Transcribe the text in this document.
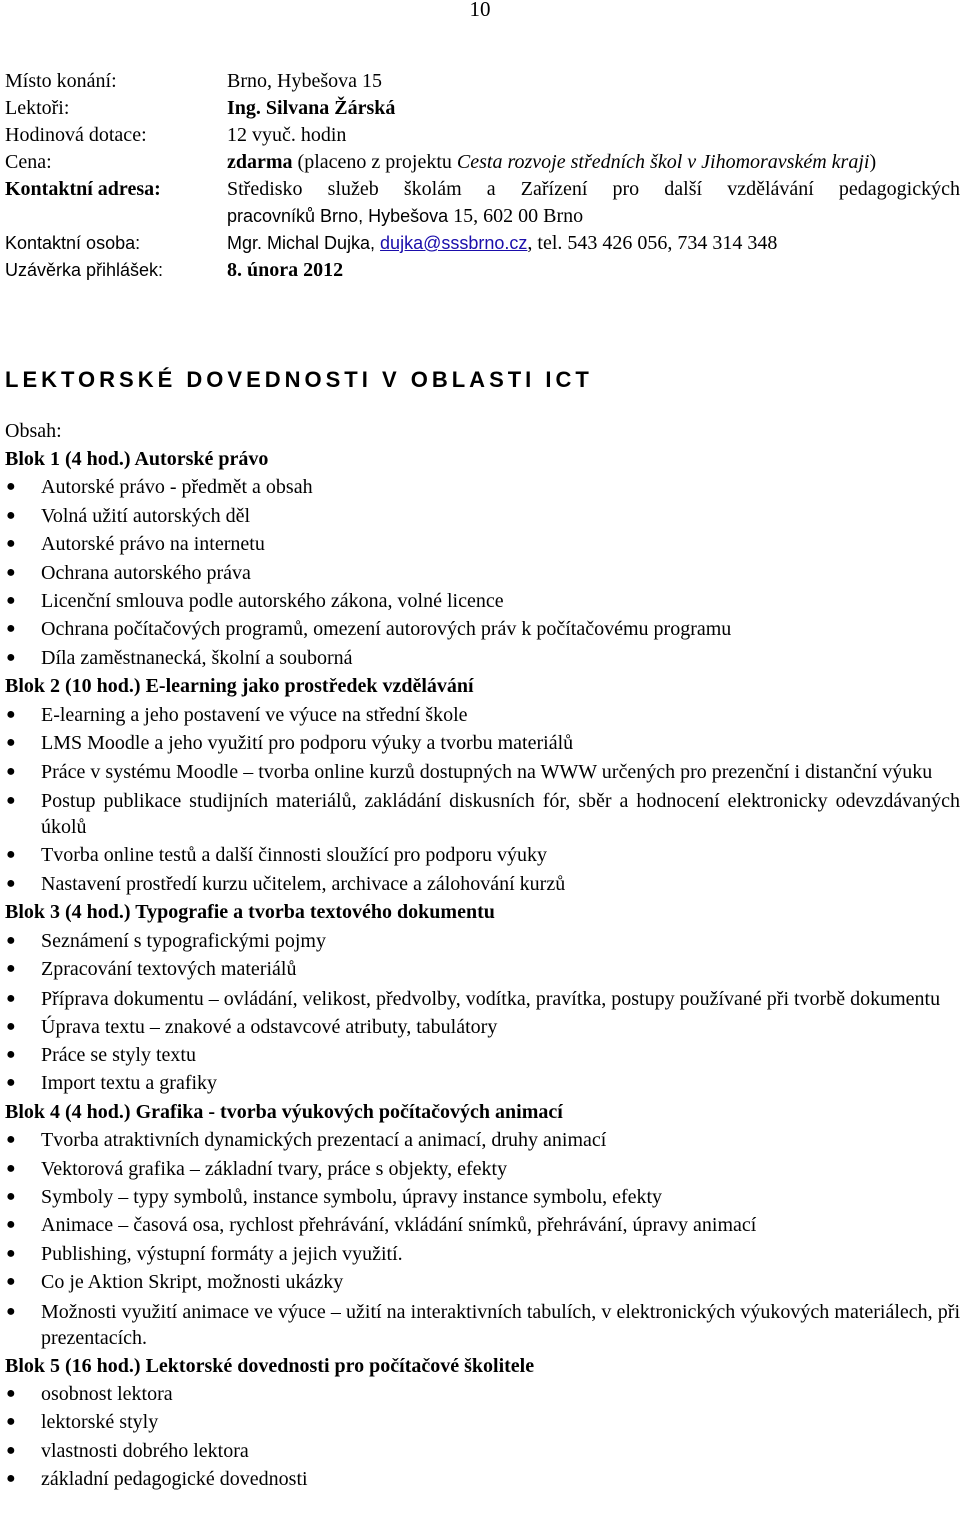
10
Místo konání:	Brno, Hybešova 15
Lektoři:	Ing. Silvana Žárská
Hodinová dotace:	12 vyuč. hodin
Cena:	zdarma (placeno z projektu Cesta rozvoje středních škol v Jihomoravském kraji)
Kontaktní adresa:	Středisko služeb školám a Zařízení pro další vzdělávání pedagogických
pracovníků Brno, Hybešova 15, 602 00 Brno
Kontaktní osoba:	Mgr. Michal Dujka, dujka@sssbrno.cz, tel. 543 426 056, 734 314 348
Uzávěrka přihlášek:	8. února 2012
LEKTORSKÉ DOVEDNOSTI V OBLASTI ICT
Obsah:
Blok 1 (4 hod.) Autorské právo
● Autorské právo - předmět a obsah
● Volná užití autorských děl
● Autorské právo na internetu
● Ochrana autorského práva
● Licenční smlouva podle autorského zákona, volné licence
● Ochrana počítačových programů, omezení autorových práv k počítačovému programu
● Díla zaměstnanecká, školní a souborná
Blok 2 (10 hod.) E-learning jako prostředek vzdělávání
● E-learning a jeho postavení ve výuce na střední škole
● LMS Moodle a jeho využití pro podporu výuky a tvorbu materiálů
● Práce v systému Moodle – tvorba online kurzů dostupných na WWW určených pro prezenční i distanční výuku
● Postup publikace studijních materiálů, zakládání diskusních fór, sběr a hodnocení elektronicky odevzdávaných úkolů
● Tvorba online testů a další činnosti sloužící pro podporu výuky
● Nastavení prostředí kurzu učitelem, archivace a zálohování kurzů
Blok 3 (4 hod.) Typografie a tvorba textového dokumentu
● Seznámení s typografickými pojmy
● Zpracování textových materiálů
● Příprava dokumentu – ovládání, velikost, předvolby, vodítka, pravítka, postupy používané při tvorbě dokumentu
● Úprava textu – znakové a odstavcové atributy, tabulátory
● Práce se styly textu
● Import textu a grafiky
Blok 4 (4 hod.) Grafika - tvorba výukových počítačových animací
● Tvorba atraktivních dynamických prezentací a animací, druhy animací
● Vektorová grafika – základní tvary, práce s objekty, efekty
● Symboly – typy symbolů, instance symbolu, úpravy instance symbolu, efekty
● Animace – časová osa, rychlost přehrávání, vkládání snímků, přehrávání, úpravy animací
● Publishing, výstupní formáty a jejich využití.
● Co je Aktion Skript, možnosti ukázky
● Možnosti využití animace ve výuce – užití na interaktivních tabulích, v elektronických výukových materiálech, při prezentacích.
Blok 5 (16 hod.) Lektorské dovednosti pro počítačové školitele
● osobnost lektora
● lektorské styly
● vlastnosti dobrého lektora
● základní pedagogické dovednosti
